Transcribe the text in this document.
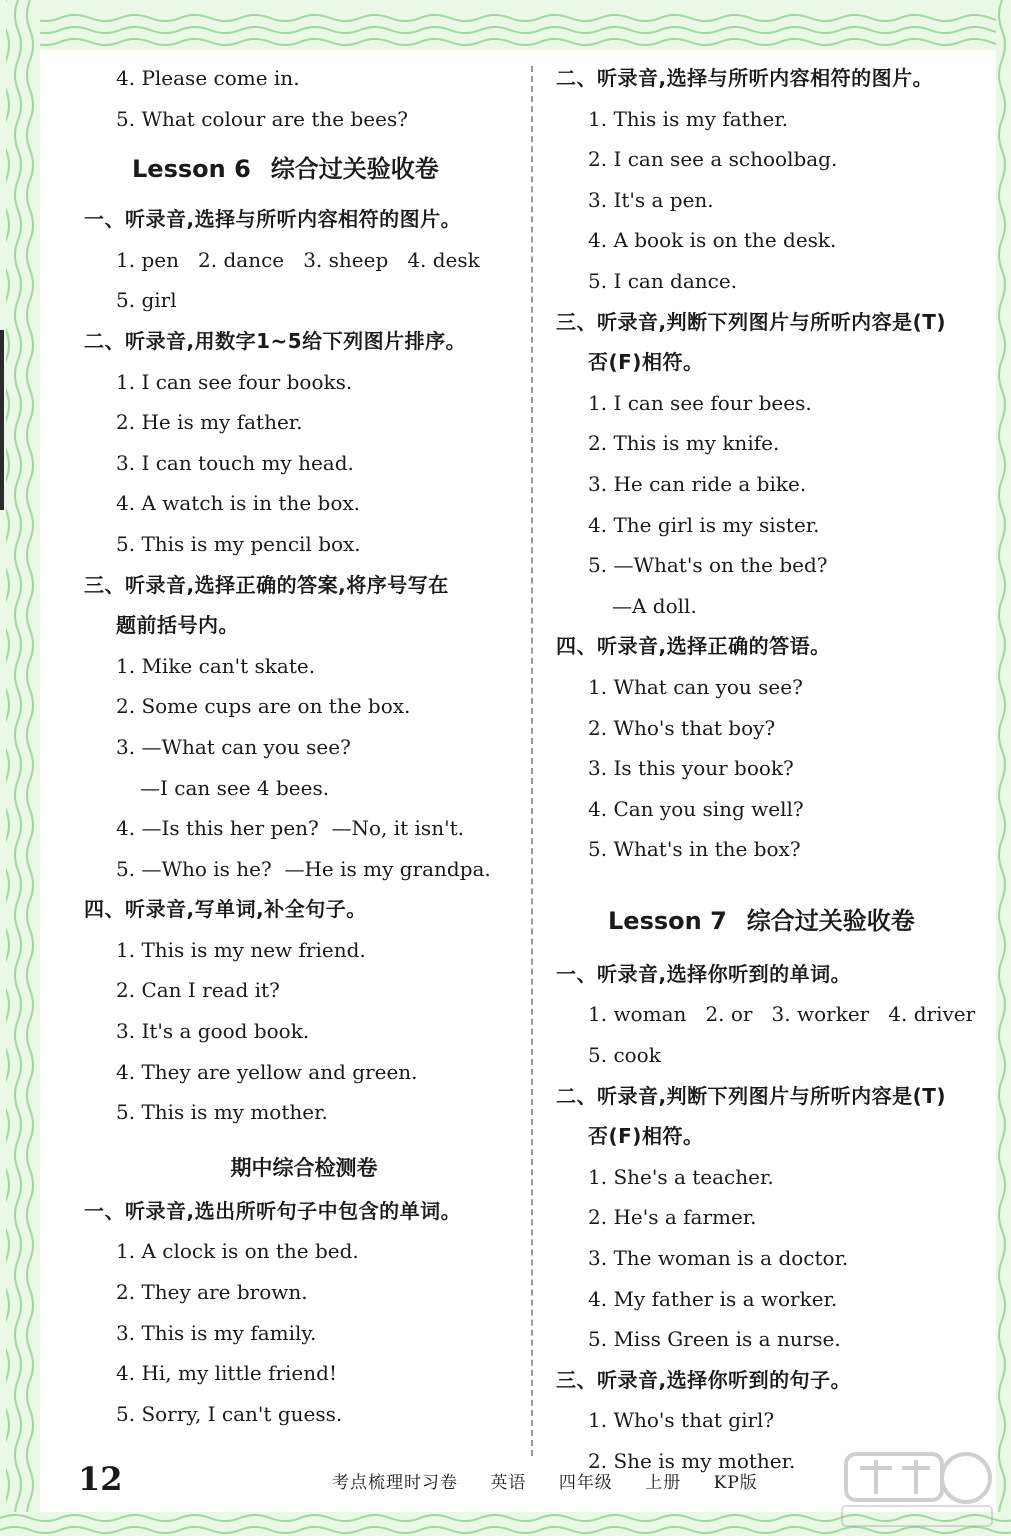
4. Please come in.
5. What colour are the bees?
Lesson 6 综合过关验收卷
一、听录音,选择与所听内容相符的图片。
1. pen   2. dance   3. sheep   4. desk
5. girl
二、听录音,用数字1~5给下列图片排序。
1. I can see four books.
2. He is my father.
3. I can touch my head.
4. A watch is in the box.
5. This is my pencil box.
三、听录音,选择正确的答案,将序号写在
题前括号内。
1. Mike can't skate.
2. Some cups are on the box.
3. —What can you see?
—I can see 4 bees.
4. —Is this her pen?  —No, it isn't.
5. —Who is he?  —He is my grandpa.
四、听录音,写单词,补全句子。
1. This is my new friend.
2. Can I read it?
3. It's a good book.
4. They are yellow and green.
5. This is my mother.
期中综合检测卷
一、听录音,选出所听句子中包含的单词。
1. A clock is on the bed.
2. They are brown.
3. This is my family.
4. Hi, my little friend!
5. Sorry, I can't guess.
二、听录音,选择与所听内容相符的图片。
1. This is my father.
2. I can see a schoolbag.
3. It's a pen.
4. A book is on the desk.
5. I can dance.
三、听录音,判断下列图片与所听内容是(T)
否(F)相符。
1. I can see four bees.
2. This is my knife.
3. He can ride a bike.
4. The girl is my sister.
5. —What's on the bed?
—A doll.
四、听录音,选择正确的答语。
1. What can you see?
2. Who's that boy?
3. Is this your book?
4. Can you sing well?
5. What's in the box?
Lesson 7 综合过关验收卷
一、听录音,选择你听到的单词。
1. woman   2. or   3. worker   4. driver
5. cook
二、听录音,判断下列图片与所听内容是(T)
否(F)相符。
1. She's a teacher.
2. He's a farmer.
3. The woman is a doctor.
4. My father is a worker.
5. Miss Green is a nurse.
三、听录音,选择你听到的句子。
1. Who's that girl?
2. She is my mother.
12	考点梳理时习卷 英语 四年级 上册 KP版
